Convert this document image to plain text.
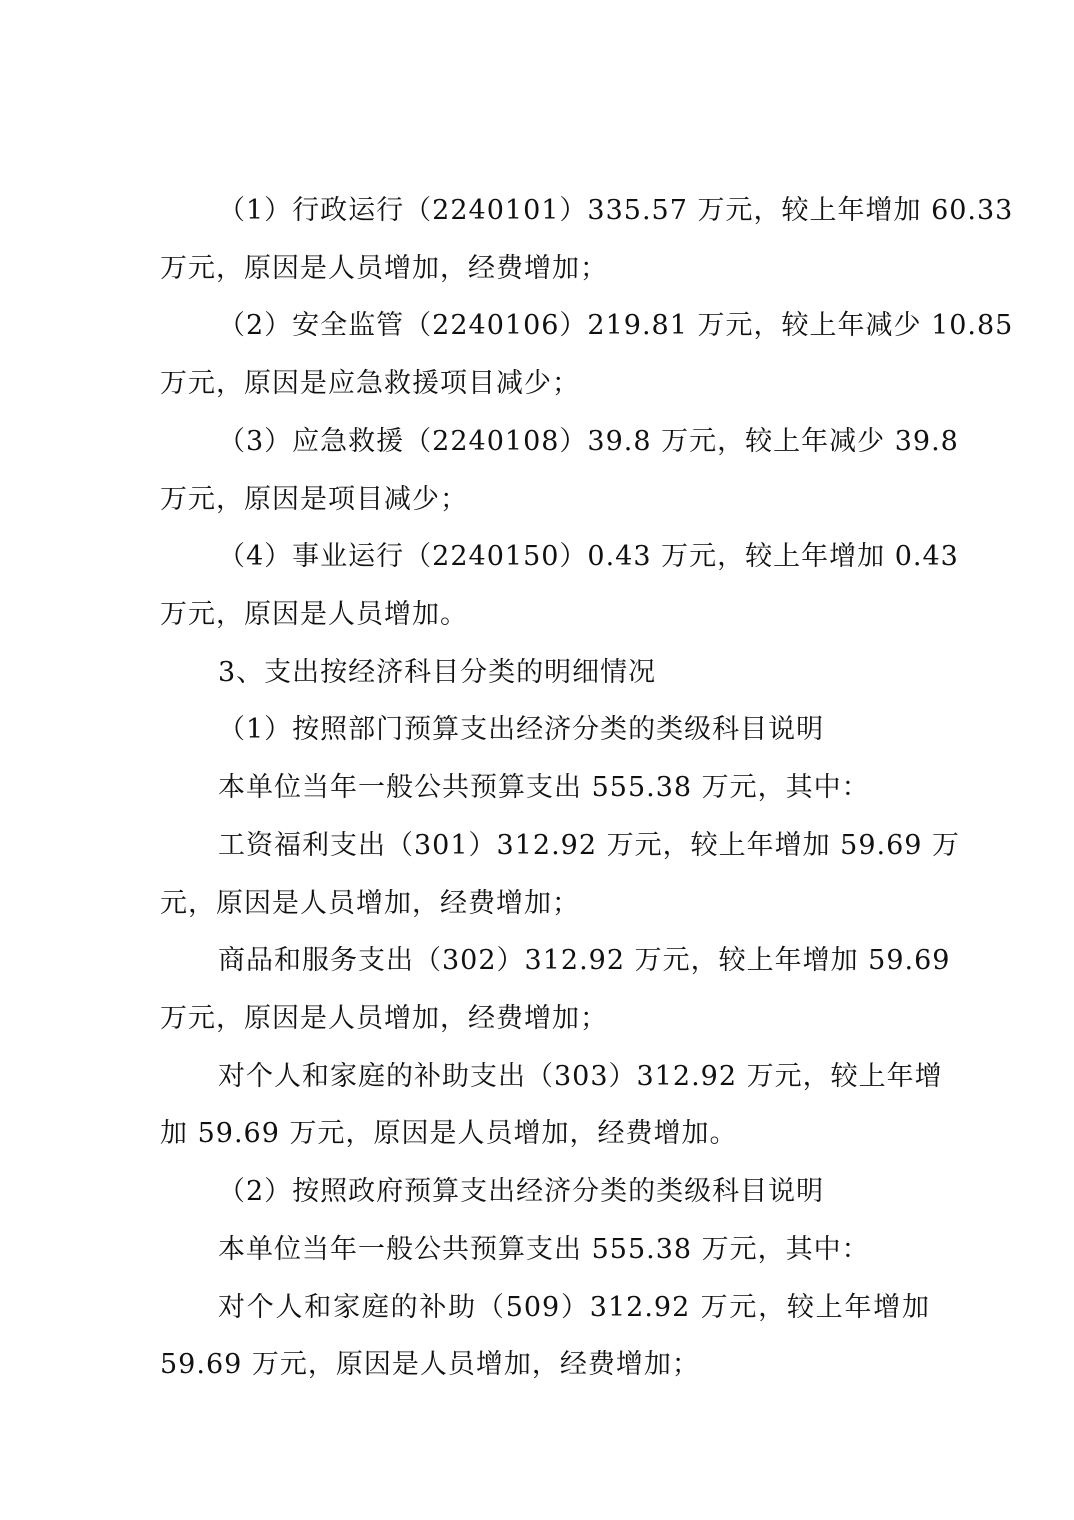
（1）行政运行（2240101）335.57 万元，较上年增加 60.33
万元，原因是人员增加，经费增加；
（2）安全监管（2240106）219.81 万元，较上年减少 10.85
万元，原因是应急救援项目减少；
（3）应急救援（2240108）39.8 万元，较上年减少 39.8
万元，原因是项目减少；
（4）事业运行（2240150）0.43 万元，较上年增加 0.43
万元，原因是人员增加。
3、支出按经济科目分类的明细情况
（1）按照部门预算支出经济分类的类级科目说明
本单位当年一般公共预算支出 555.38 万元，其中：
工资福利支出（301）312.92 万元，较上年增加 59.69 万
元，原因是人员增加，经费增加；
商品和服务支出（302）312.92 万元，较上年增加 59.69
万元，原因是人员增加，经费增加；
对个人和家庭的补助支出（303）312.92 万元，较上年增
加 59.69 万元，原因是人员增加，经费增加。
（2）按照政府预算支出经济分类的类级科目说明
本单位当年一般公共预算支出 555.38 万元，其中：
对个人和家庭的补助（509）312.92 万元，较上年增加
59.69 万元，原因是人员增加，经费增加；
